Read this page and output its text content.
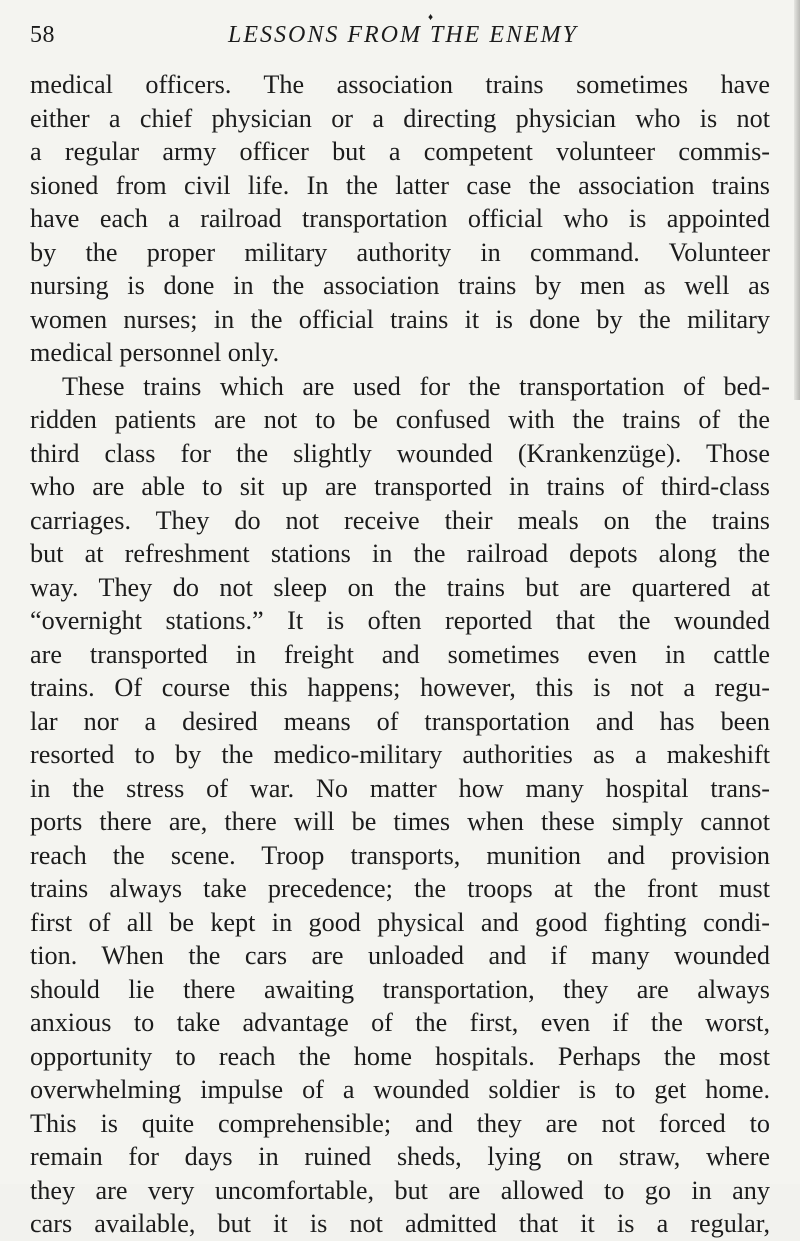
58
♦
LESSONS FROM THE ENEMY
medical officers. The association trains sometimes have
either a chief physician or a directing physician who is not
a regular army officer but a competent volunteer commis-
sioned from civil life. In the latter case the association trains
have each a railroad transportation official who is appointed
by the proper military authority in command. Volunteer
nursing is done in the association trains by men as well as
women nurses; in the official trains it is done by the military
medical personnel only.
These trains which are used for the transportation of bed-
ridden patients are not to be confused with the trains of the
third class for the slightly wounded (Krankenzüge). Those
who are able to sit up are transported in trains of third-class
carriages. They do not receive their meals on the trains
but at refreshment stations in the railroad depots along the
way. They do not sleep on the trains but are quartered at
“overnight stations.” It is often reported that the wounded
are transported in freight and sometimes even in cattle
trains. Of course this happens; however, this is not a regu-
lar nor a desired means of transportation and has been
resorted to by the medico-military authorities as a makeshift
in the stress of war. No matter how many hospital trans-
ports there are, there will be times when these simply cannot
reach the scene. Troop transports, munition and provision
trains always take precedence; the troops at the front must
first of all be kept in good physical and good fighting condi-
tion. When the cars are unloaded and if many wounded
should lie there awaiting transportation, they are always
anxious to take advantage of the first, even if the worst,
opportunity to reach the home hospitals. Perhaps the most
overwhelming impulse of a wounded soldier is to get home.
This is quite comprehensible; and they are not forced to
remain for days in ruined sheds, lying on straw, where
they are very uncomfortable, but are allowed to go in any
cars available, but it is not admitted that it is a regular,
